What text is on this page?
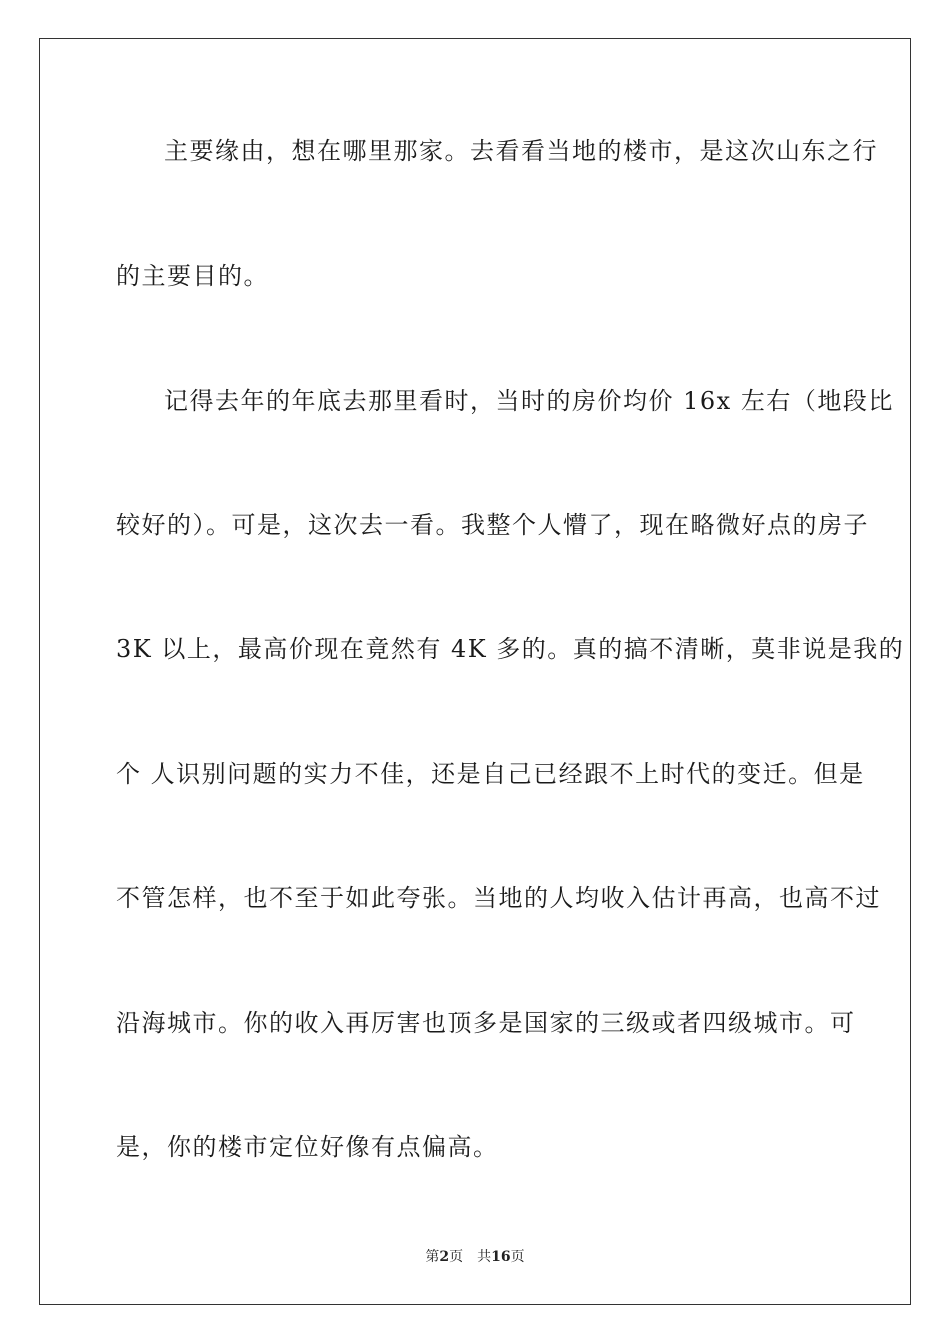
主要缘由，想在哪里那家。去看看当地的楼市，是这次山东之行
的主要目的。
记得去年的年底去那里看时，当时的房价均价 16x 左右（地段比
较好的）。可是，这次去一看。我整个人懵了，现在略微好点的房子
3K 以上，最高价现在竟然有 4K 多的。真的搞不清晰，莫非说是我的
个 人识别问题的实力不佳，还是自己已经跟不上时代的变迁。但是
不管怎样，也不至于如此夸张。当地的人均收入估计再高，也高不过
沿海城市。你的收入再厉害也顶多是国家的三级或者四级城市。可
是，你的楼市定位好像有点偏高。
第2页 共16页
